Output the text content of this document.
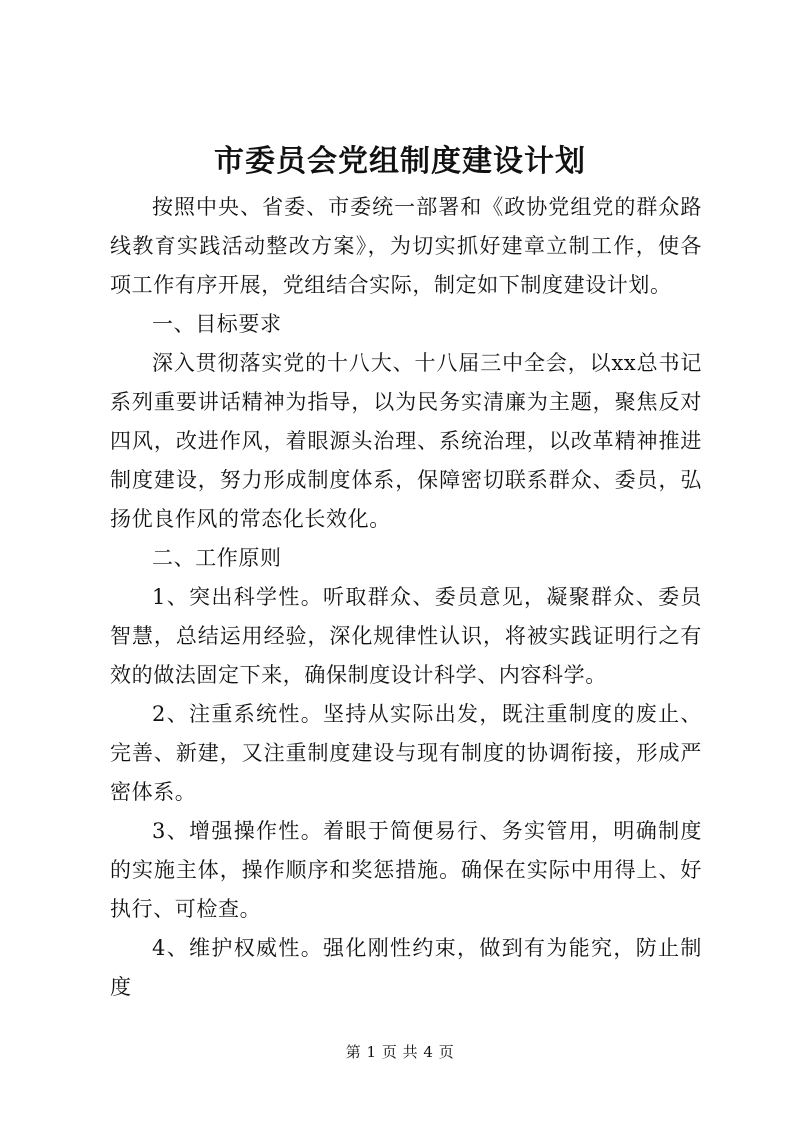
市委员会党组制度建设计划

按照中央、省委、市委统一部署和《政协党组党的群众路线教育实践活动整改方案》，为切实抓好建章立制工作，使各项工作有序开展，党组结合实际，制定如下制度建设计划。

一、目标要求

深入贯彻落实党的十八大、十八届三中全会，以xx总书记系列重要讲话精神为指导，以为民务实清廉为主题，聚焦反对四风，改进作风，着眼源头治理、系统治理，以改革精神推进制度建设，努力形成制度体系，保障密切联系群众、委员，弘扬优良作风的常态化长效化。

二、工作原则

1、突出科学性。听取群众、委员意见，凝聚群众、委员智慧，总结运用经验，深化规律性认识，将被实践证明行之有效的做法固定下来，确保制度设计科学、内容科学。

2、注重系统性。坚持从实际出发，既注重制度的废止、完善、新建，又注重制度建设与现有制度的协调衔接，形成严密体系。

3、增强操作性。着眼于简便易行、务实管用，明确制度的实施主体，操作顺序和奖惩措施。确保在实际中用得上、好执行、可检查。

4、维护权威性。强化刚性约束，做到有为能究，防止制度

第 1 页 共 4 页
